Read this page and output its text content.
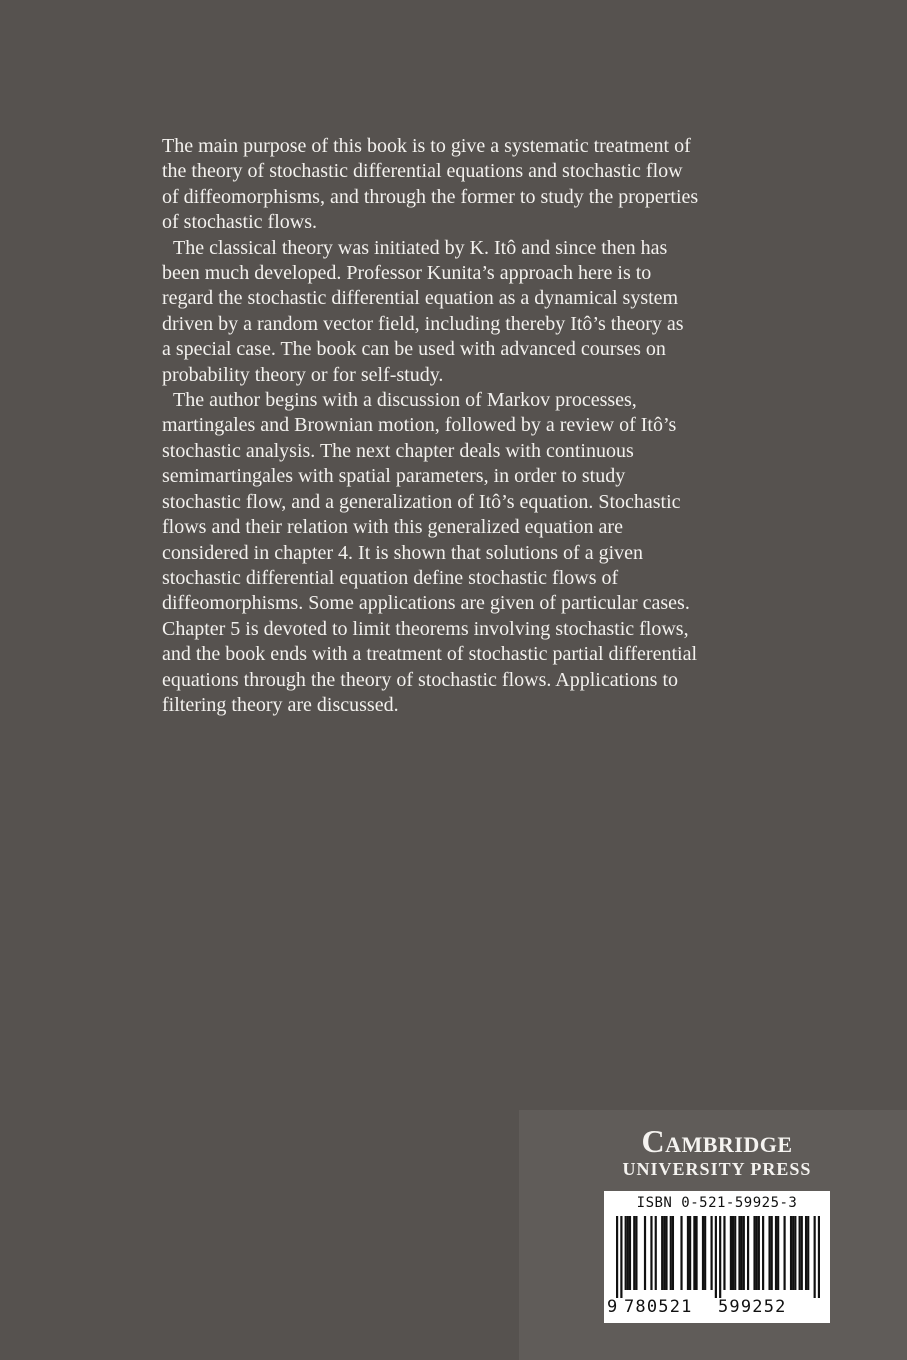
The main purpose of this book is to give a systematic treatment of
the theory of stochastic differential equations and stochastic flow
of diffeomorphisms, and through the former to study the properties
of stochastic flows.
The classical theory was initiated by K. Itô and since then has
been much developed. Professor Kunita’s approach here is to
regard the stochastic differential equation as a dynamical system
driven by a random vector field, including thereby Itô’s theory as
a special case. The book can be used with advanced courses on
probability theory or for self-study.
The author begins with a discussion of Markov processes,
martingales and Brownian motion, followed by a review of Itô’s
stochastic analysis. The next chapter deals with continuous
semimartingales with spatial parameters, in order to study
stochastic flow, and a generalization of Itô’s equation. Stochastic
flows and their relation with this generalized equation are
considered in chapter 4. It is shown that solutions of a given
stochastic differential equation define stochastic flows of
diffeomorphisms. Some applications are given of particular cases.
Chapter 5 is devoted to limit theorems involving stochastic flows,
and the book ends with a treatment of stochastic partial differential
equations through the theory of stochastic flows. Applications to
filtering theory are discussed.
Cambridge
UNIVERSITY PRESS
ISBN 0-521-59925-3
9 780521 599252
